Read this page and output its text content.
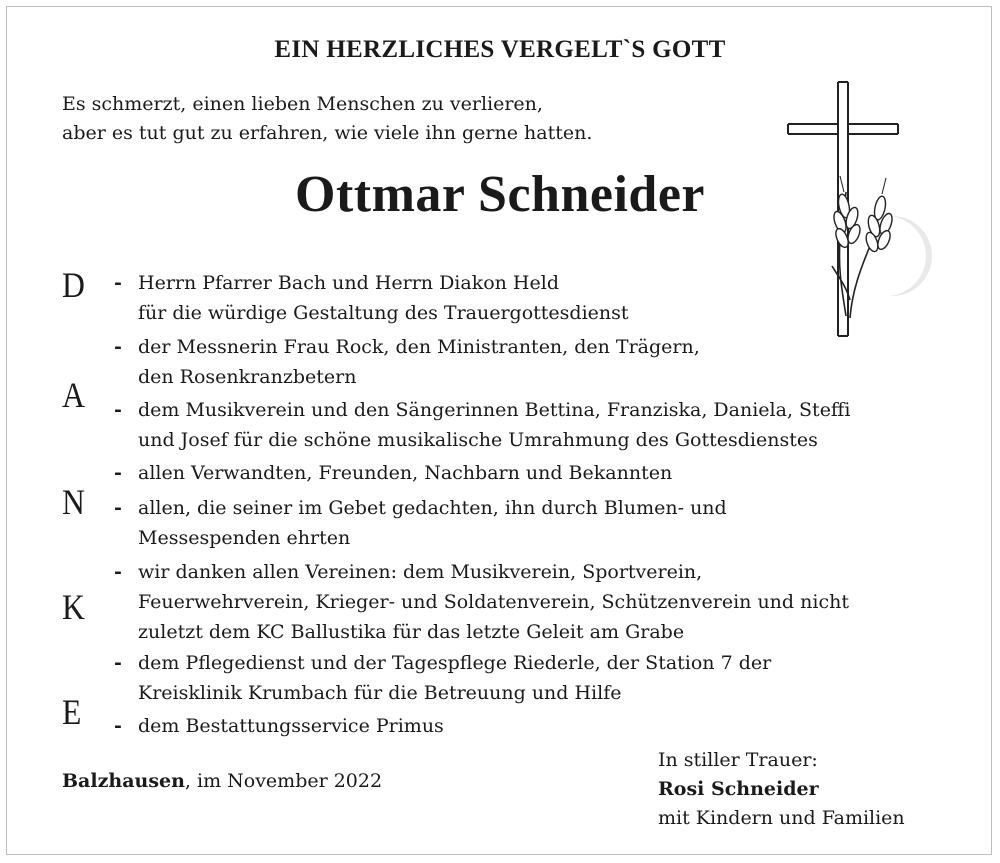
EIN HERZLICHES VERGELT`S GOTT
Es schmerzt, einen lieben Menschen zu verlieren,
aber es tut gut zu erfahren, wie viele ihn gerne hatten.
Ottmar Schneider
D
A
N
K
E
- Herrn Pfarrer Bach und Herrn Diakon Held
für die würdige Gestaltung des Trauergottesdienst
- der Messnerin Frau Rock, den Ministranten, den Trägern,
den Rosenkranzbetern
- dem Musikverein und den Sängerinnen Bettina, Franziska, Daniela, Steffi
und Josef für die schöne musikalische Umrahmung des Gottesdienstes
- allen Verwandten, Freunden, Nachbarn und Bekannten
- allen, die seiner im Gebet gedachten, ihn durch Blumen- und
Messespenden ehrten
- wir danken allen Vereinen: dem Musikverein, Sportverein,
Feuerwehrverein, Krieger- und Soldatenverein, Schützenverein und nicht
zuletzt dem KC Ballustika für das letzte Geleit am Grabe
- dem Pflegedienst und der Tagespflege Riederle, der Station 7 der
Kreisklinik Krumbach für die Betreuung und Hilfe
- dem Bestattungsservice Primus
Balzhausen, im November 2022
In stiller Trauer:
Rosi Schneider
mit Kindern und Familien
